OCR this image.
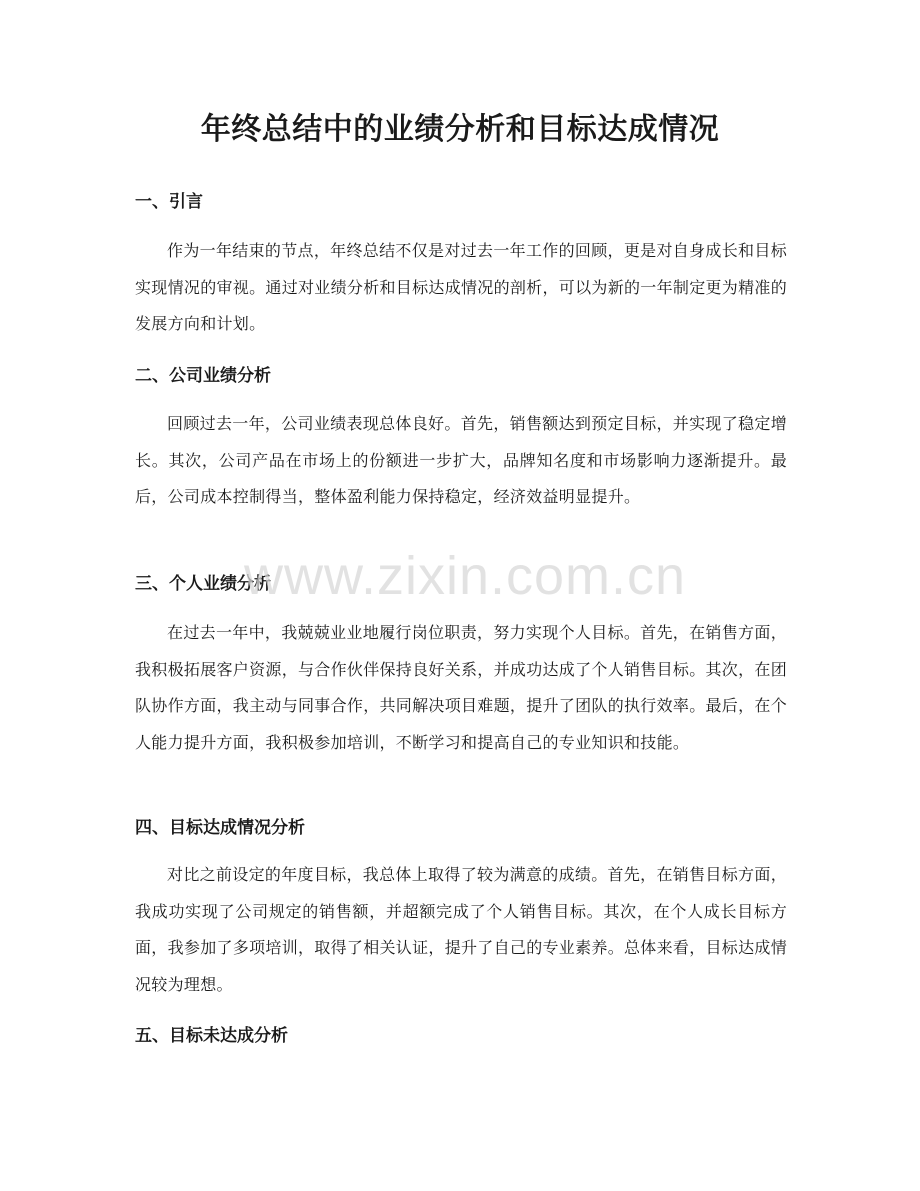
年终总结中的业绩分析和目标达成情况
一、引言

作为一年结束的节点，年终总结不仅是对过去一年工作的回顾，更是对自身成长和目标实现情况的审视。通过对业绩分析和目标达成情况的剖析，可以为新的一年制定更为精准的发展方向和计划。

二、公司业绩分析

回顾过去一年，公司业绩表现总体良好。首先，销售额达到预定目标，并实现了稳定增长。其次，公司产品在市场上的份额进一步扩大，品牌知名度和市场影响力逐渐提升。最后，公司成本控制得当，整体盈利能力保持稳定，经济效益明显提升。

三、个人业绩分析

在过去一年中，我兢兢业业地履行岗位职责，努力实现个人目标。首先，在销售方面，我积极拓展客户资源，与合作伙伴保持良好关系，并成功达成了个人销售目标。其次，在团队协作方面，我主动与同事合作，共同解决项目难题，提升了团队的执行效率。最后，在个人能力提升方面，我积极参加培训，不断学习和提高自己的专业知识和技能。

四、目标达成情况分析

对比之前设定的年度目标，我总体上取得了较为满意的成绩。首先，在销售目标方面，我成功实现了公司规定的销售额，并超额完成了个人销售目标。其次，在个人成长目标方面，我参加了多项培训，取得了相关认证，提升了自己的专业素养。总体来看，目标达成情况较为理想。

五、目标未达成分析
www.zixin.com.cn
